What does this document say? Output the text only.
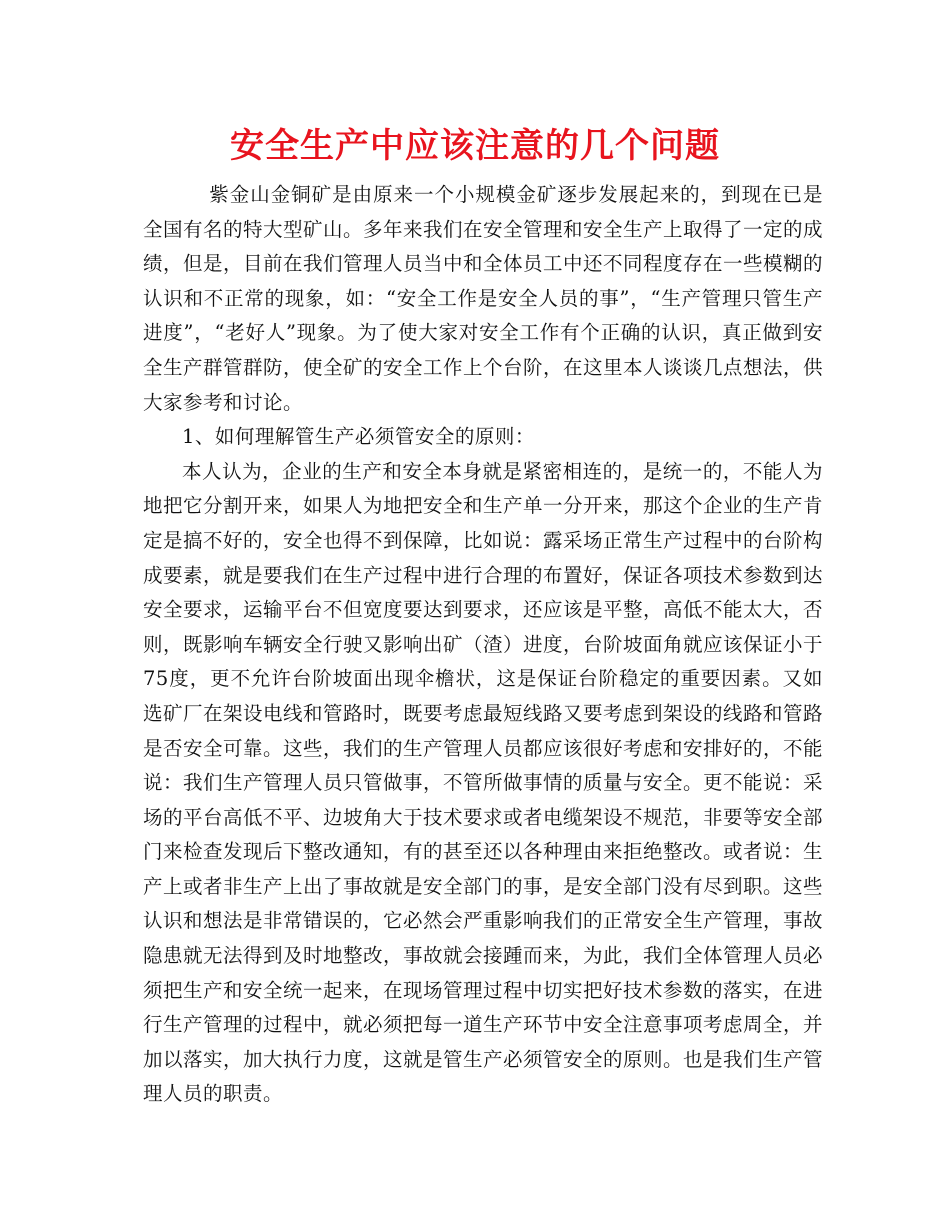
安全生产中应该注意的几个问题

紫金山金铜矿是由原来一个小规模金矿逐步发展起来的，到现在已是全国有名的特大型矿山。多年来我们在安全管理和安全生产上取得了一定的成绩，但是，目前在我们管理人员当中和全体员工中还不同程度存在一些模糊的认识和不正常的现象，如：“安全工作是安全人员的事”，“生产管理只管生产进度”，“老好人”现象。为了使大家对安全工作有个正确的认识，真正做到安全生产群管群防，使全矿的安全工作上个台阶，在这里本人谈谈几点想法，供大家参考和讨论。

1、如何理解管生产必须管安全的原则：

本人认为，企业的生产和安全本身就是紧密相连的，是统一的，不能人为地把它分割开来，如果人为地把安全和生产单一分开来，那这个企业的生产肯定是搞不好的，安全也得不到保障，比如说：露采场正常生产过程中的台阶构成要素，就是要我们在生产过程中进行合理的布置好，保证各项技术参数到达安全要求，运输平台不但宽度要达到要求，还应该是平整，高低不能太大，否则，既影响车辆安全行驶又影响出矿（渣）进度，台阶坡面角就应该保证小于75度，更不允许台阶坡面出现伞檐状，这是保证台阶稳定的重要因素。又如选矿厂在架设电线和管路时，既要考虑最短线路又要考虑到架设的线路和管路是否安全可靠。这些，我们的生产管理人员都应该很好考虑和安排好的，不能说：我们生产管理人员只管做事，不管所做事情的质量与安全。更不能说：采场的平台高低不平、边坡角大于技术要求或者电缆架设不规范，非要等安全部门来检查发现后下整改通知，有的甚至还以各种理由来拒绝整改。或者说：生产上或者非生产上出了事故就是安全部门的事，是安全部门没有尽到职。这些认识和想法是非常错误的，它必然会严重影响我们的正常安全生产管理，事故隐患就无法得到及时地整改，事故就会接踵而来，为此，我们全体管理人员必须把生产和安全统一起来，在现场管理过程中切实把好技术参数的落实，在进行生产管理的过程中，就必须把每一道生产环节中安全注意事项考虑周全，并加以落实，加大执行力度，这就是管生产必须管安全的原则。也是我们生产管理人员的职责。
